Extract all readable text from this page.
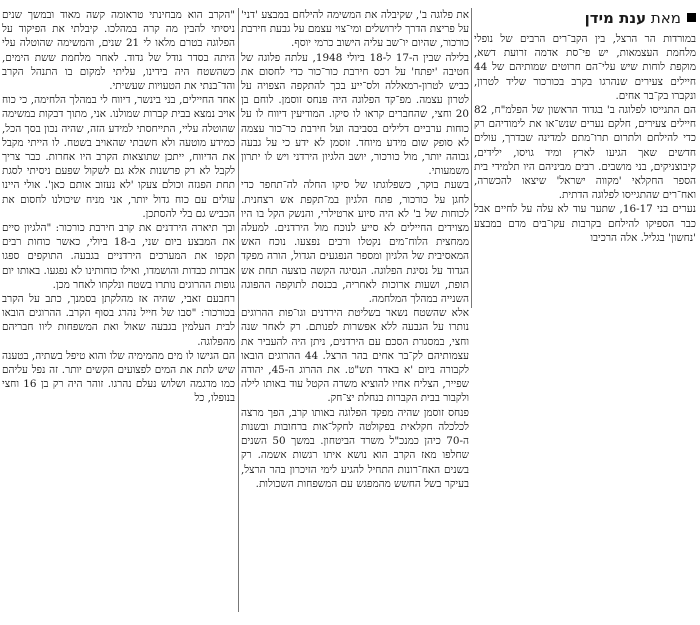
מאת ענת מידן

במורדות הר הרצל, בין הקב־רים הרבים של נופלי מלחמת העצמאות, יש פי־סת אדמה זרועת דשא, מוקפת לוחות שיש עלי־הם חרוטים שמותיהם של 44 חיילים צעירים שנהרגו בקרב בכורכור שליד לטרון, ונקברו בק־בר אחים.

הם התגייסו לפלוגה ב' בגדוד הראשון של הפלמ"ח, 82 חיילים צעירים, חלקם נערים שנש־או את לימודיהם רק כדי להילחם ולתרום תרו־מתם למדינה שבדרך, עולים חדשים שאך הגיעו לארץ ומיד גויסו, ילידים, קיבוצניקים, בני מושבים. רבים מביניהם היו תלמידי בית הספר החקלאי 'מקווה ישראל' שיצאו להכשרה, ואח־רים שהתגייסו לפלוגה הדתית.

נערים בני 16-17, שתער עוד לא עלה על לחיים אבל כבר הספיקו להילחם בקרבות עקו־בים מדם במבצע 'נחשון' בגליל. אלה הרכיבו

את פלוגה ב', שקיבלה את המשימה להילחם במבצע 'דני' על פריצת הדרך לירושלים ומי־צוי עצמם על גבעת חירבת כורכור, שהיום יו־שב עליה הישוב כרמי יוסף.

בלילה שבין ה-17 ל-18 ביולי 1948, עלתה פלוגה של חטיבה 'יפתח' על רכס חירבת כור־כור כדי לחסום את כביש לטרון-רמאללה ולס־ייע בכך להתקפה הצפויה על לטרון עצמה. מפ־קד הפלוגה היה פנחס זוסמן. לוחם בן 20 וחצי, שהחברים קראו לו סיקו. המודיעין דיווח לו על כוחות ערביים דלילים בסביבה ועל חירבת כר־כור עצמה לא סופק שום מידע מיוחד. זוסמן לא ידע כי על גבעה גבוהה יותר, מול כורכור, יושב הלגיון הירדני ויש לו יתרון משמעותי.

בשעת בוקר, כשפלוגתו של סיקו החלה לה־תחפר כדי לחגן על כורכור, פתח הלגיון במ־תקפת אש רצחנית. לכוחות של ב' לא היה סיוע ארטילרי, והנשק הקל בו היו מצוידים החיילים לא סייע לנוכח מול הירדנים. למעלה ממחצית הלוח־מים נקטלו ורבים נפצעו. נוכח האש המאסיבית של הלגיון ומספר הנפגעים הגדול, הורה מפקד הגדוד על נסיגת הפלוגה. הנסיגה הקשה בוצעה תחת אש תופת, ושעות ארוכות לאחריה, בכנסת לתוקפה ההפוגה השנייה במהלך המלחמה.

אלא שהשטח נשאר בשליטת הירדנים וגו־פות ההרוגים נותרו על הגבעה ללא אפשרות לפנותם. רק לאחר שנה וחצי, במסגרת הסכם עם הירדנים, ניתן היה להעביר את עצמותיהם לק־בר אחים בהר הרצל. 44 ההרוגים הובאו לקבורה ביום 'א באדר תש"ט. את ההרוג ה-45, יהודה שפייר, הצליח אחיו להוציא משדה הקטל עוד באותו לילה ולקבור בבית הקברות בנחלת יצ־חק.

פנחס זוסמן שהיה מפקד הפלוגה באותו קרב, הפך מרצה לכלכלה חקלאית בפקולטה לחקל־אות ברחובות ובשנות ה-70 כיהן כמנכ"ל משרד הביטחון. במשך 50 השנים שחלפו מאז הקרב הוא נושא איתו רגשות אשמה. רק בשנים האח־רונות התחיל להגיע לימי הזיכרון בהר הרצל, בעיקר בשל החשש מהמפגש עם המשפחות השכולות.

"הקרב הוא מבחינתי טראומה קשה מאוד ובמשך שנים ניסיתי להבין מה קרה במהלכו. קיבלתי את הפיקוד על הפלוגה בטרם מלאו לי 21 שנים, והמשימה שהוטלה עלי היתה בסדר גודל של גדוד. לאחר מלחמת ששת הימים, כשהשטח היה בידינו, עליתי למקום בו התנהל הקרב והד־בנתי את הטעויות שעשיתי.

אחד החיילים, בני בינשר, דיווח לי במהלך הלחימה, כי כוח אויב נמצא בבית קברות שמולנו. אני, מתוך דבקות במשימה שהוטלה עליי, התייחסתי למידע הזה, שהיה נכון בסך הכל, כמידע מוטעה ולא חשבתי שהאויב בשטח. לו הייתי מקבל את הדיווח, ייתכן שתוצאות הקרב היו אחרות. כבר צריך לקבל לא רק פרשנות אלא גם לשקול שפעם ניסיתי לסגת תחת הפגזה וכולם צעקו 'לא נעזוב אותם כאן'. אולי היינו עולים עם כוח גדול יותר, אני מניח שיכולנו לחסום את הכביש גם בלי להסתכן.

ובך תיארה הירדנים את קרב חירבת כורכור: "הלגיון סיים את המבצע ביום שני, ב-18 ביולי, כאשר כוחות רבים תקפו את המערכים הירדניים בגבעה. התוקפים ספגו אבדות כבדות והושמדו, ואילו כוחותינו לא נפגעו. באותו יום גופות ההרוגים נותרו בשטח ונלקחו לאחר מכן.

רחבעם זאבי, שהיה אז מהלקתן בסמנך, כתב על הקרב בכורכור: "סבו של חייל נהרג בסוף הקרב. ההרוגים הובאו לבית העלמין בגבעה שאול ואת המשפחות ליוו חבריהם מהפלוגה.

הם הגישו לו מים מהמימיה שלו והוא טיפל בשתיה, בטענה שיש לתת את המים לפצועים הקשים יותר. זה נפל עליהם כמו מדגמה ושלוש נעלם נהרגו. זוהר היה רק בן 16 וחצי בנופלו, כל
